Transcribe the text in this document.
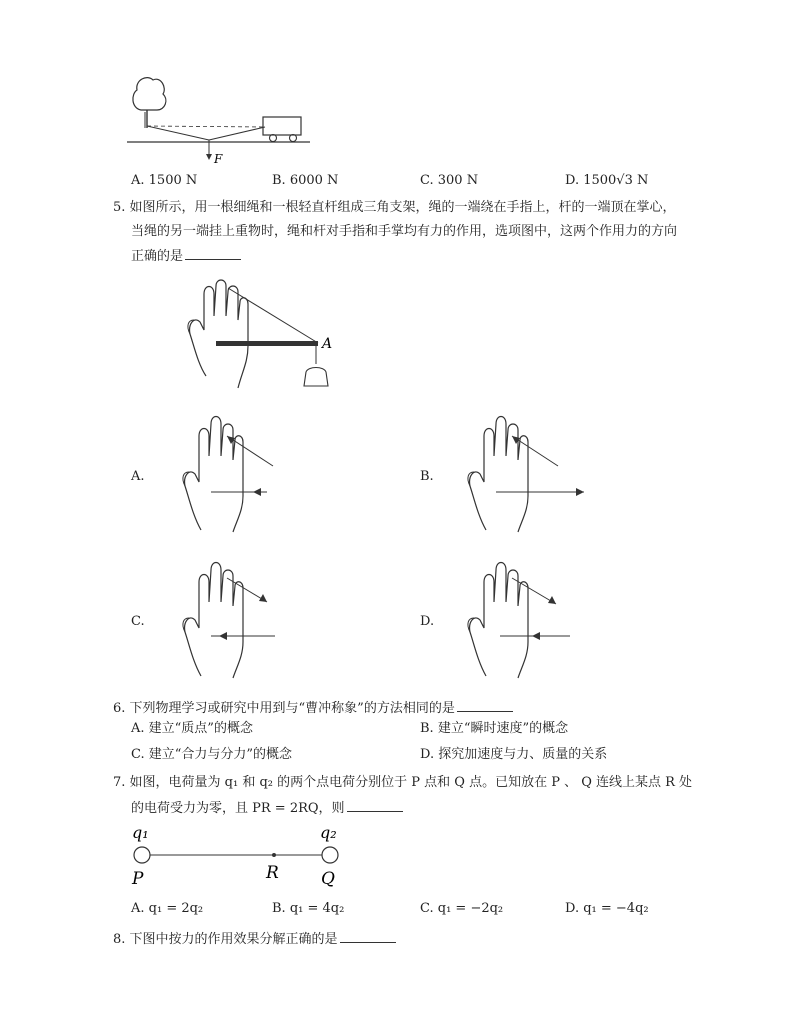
F
A. 1500 N	B. 6000 N	C. 300 N	D. 1500√3 N
5. 如图所示，用一根细绳和一根轻直杆组成三角支架，绳的一端绕在手指上，杆的一端顶在掌心，
当绳的另一端挂上重物时，绳和杆对手指和手掌均有力的作用，选项图中，这两个作用力的方向
正确的是
A
A.	B.
C.	D.
6. 下列物理学习或研究中用到与“曹冲称象”的方法相同的是
A. 建立“质点”的概念	B. 建立“瞬时速度”的概念
C. 建立“合力与分力”的概念	D. 探究加速度与力、质量的关系
7. 如图，电荷量为 q₁ 和 q₂ 的两个点电荷分别位于 P 点和 Q 点。已知放在 P 、 Q 连线上某点 R 处
的电荷受力为零，且 PR = 2RQ，则
q₁	q₂
P	R Q
A. q₁ = 2q₂	B. q₁ = 4q₂	C. q₁ = −2q₂	D. q₁ = −4q₂
8. 下图中按力的作用效果分解正确的是
